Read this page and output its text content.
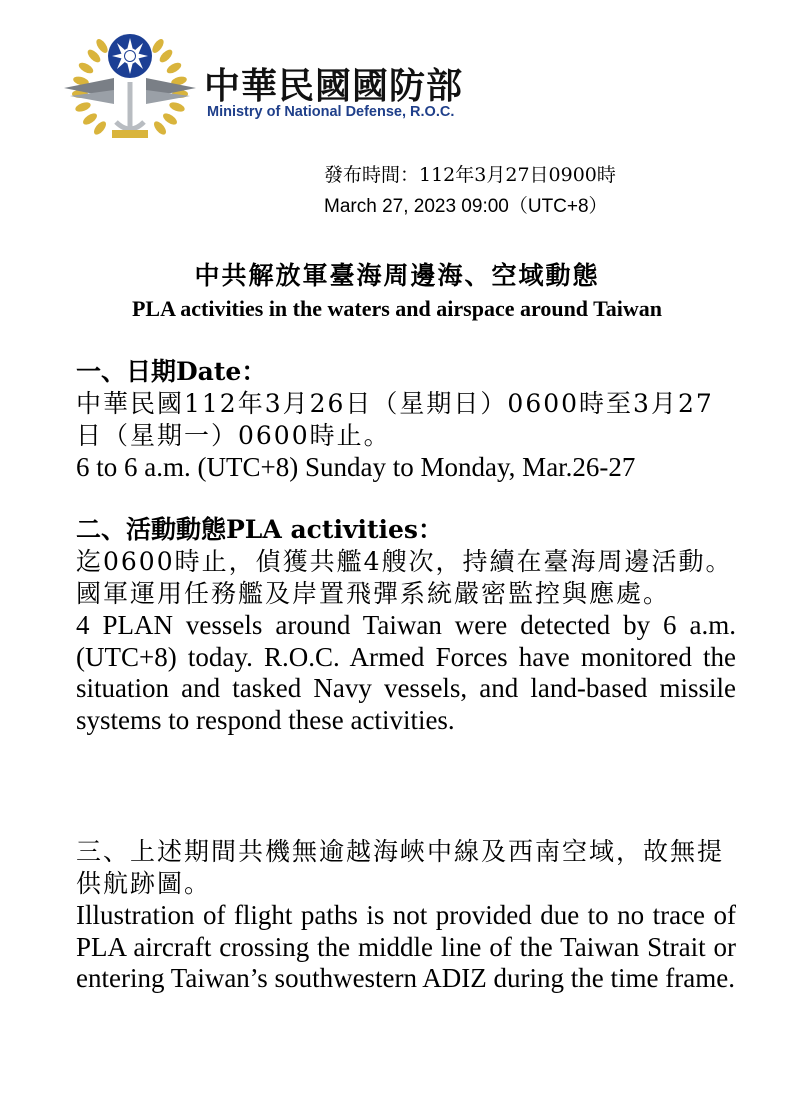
中華民國國防部
Ministry of National Defense, R.O.C.
發布時間：112年3月27日0900時
March 27, 2023 09:00（UTC+8）
中共解放軍臺海周邊海、空域動態
PLA activities in the waters and airspace around Taiwan
一、日期Date：
中華民國112年3月26日（星期日）0600時至3月27日（星期一）0600時止。
6 to 6 a.m. (UTC+8) Sunday to Monday, Mar.26-27
二、活動動態PLA activities：
迄0600時止，偵獲共艦4艘次，持續在臺海周邊活動。國軍運用任務艦及岸置飛彈系統嚴密監控與應處。
4 PLAN vessels around Taiwan were detected by 6 a.m.(UTC+8) today. R.O.C. Armed Forces have monitored the situation and tasked Navy vessels, and land-based missile systems to respond these activities.
三、上述期間共機無逾越海峽中線及西南空域，故無提供航跡圖。
Illustration of flight paths is not provided due to no trace of PLA aircraft crossing the middle line of the Taiwan Strait or entering Taiwan’s southwestern ADIZ during the time frame.
